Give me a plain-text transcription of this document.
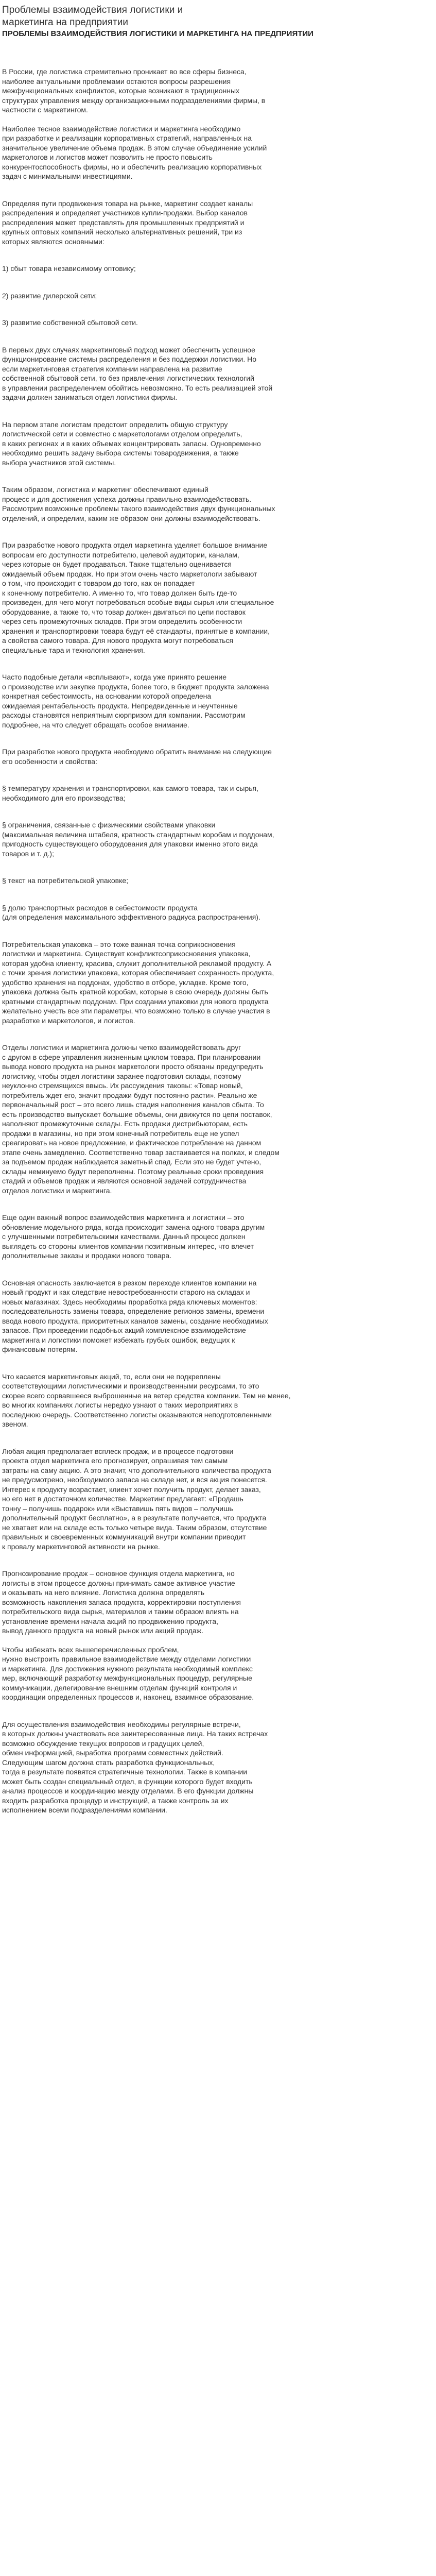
Проблемы взаимодействия логистики и маркетинга на предприятии
ПРОБЛЕМЫ ВЗАИМОДЕЙСТВИЯ ЛОГИСТИКИ И МАРКЕТИНГА НА ПРЕДПРИЯТИИ

В России, где логистика стремительно проникает во все сферы бизнеса,
наиболее актуальными проблемами остаются вопросы разрешения
межфункциональных конфликтов, которые возникают в традиционных
структурах управления между организационными подразделениями фирмы, в
частности с маркетингом.

Наиболее тесное взаимодействие логистики и маркетинга необходимо
при разработке и реализации корпоративных стратегий, направленных на
значительное увеличение объема продаж. В этом случае объединение усилий
маркетологов и логистов может позволить не просто повысить
конкурентоспособность фирмы, но и обеспечить реализацию корпоративных
задач с минимальными инвестициями.

Определяя пути продвижения товара на рынке, маркетинг создает каналы
распределения и определяет участников купли-продажи. Выбор каналов
распределения может представлять для промышленных предприятий и
крупных оптовых компаний несколько альтернативных решений, три из
которых являются основными:

1) сбыт товара независимому оптовику;

2) развитие дилерской сети;

3) развитие собственной сбытовой сети.

В первых двух случаях маркетинговый подход может обеспечить успешное
функционирование системы распределения и без поддержки логистики. Но
если маркетинговая стратегия компании направлена на развитие
собственной сбытовой сети, то без привлечения логистических технологий
в управлении распределением обойтись невозможно. То есть реализацией этой
задачи должен заниматься отдел логистики фирмы.

На первом этапе логистам предстоит определить общую структуру
логистической сети и совместно с маркетологами отделом определить,
в каких регионах и в каких объемах концентрировать запасы. Одновременно
необходимо решить задачу выбора системы товародвижения, а также
выбора участников этой системы.

Таким образом, логистика и маркетинг обеспечивают единый
процесс и для достижения успеха должны правильно взаимодействовать.
Рассмотрим возможные проблемы такого взаимодействия двух функциональных
отделений, и определим, каким же образом они должны взаимодействовать.

При разработке нового продукта отдел маркетинга уделяет большое внимание
вопросам его доступности потребителю, целевой аудитории, каналам,
через которые он будет продаваться. Также тщательно оценивается
ожидаемый объем продаж. Но при этом очень часто маркетологи забывают
о том, что происходит с товаром до того, как он попадает
к конечному потребителю. А именно то, что товар должен быть где-то
произведен, для чего могут потребоваться особые виды сырья или специальное
оборудование, а также то, что товар должен двигаться по цепи поставок
через сеть промежуточных складов. При этом определить особенности
хранения и транспортировки товара будут её стандарты, принятые в компании,
а свойства самого товара. Для нового продукта могут потребоваться
специальные тара и технология хранения.

Часто подобные детали «всплывают», когда уже принято решение
о производстве или закупке продукта, более того, в бюджет продукта заложена
конкретная себестоимость, на основании которой определена
ожидаемая рентабельность продукта. Непредвиденные и неучтенные
расходы становятся неприятным сюрпризом для компании. Рассмотрим
подробнее, на что следует обращать особое внимание.

При разработке нового продукта необходимо обратить внимание на следующие
его особенности и свойства:

§ температуру хранения и транспортировки, как самого товара, так и сырья,
необходимого для его производства;

§ ограничения, связанные с физическими свойствами упаковки
(максимальная величина штабеля, кратность стандартным коробам и поддонам,
пригодность существующего оборудования для упаковки именно этого вида
товаров и т. д.);

§ текст на потребительской упаковке;

§ долю транспортных расходов в себестоимости продукта
(для определения максимального эффективного радиуса распространения).

Потребительская упаковка – это тоже важная точка соприкосновения
логистики и маркетинга. Существует конфликтсоприкосновения упаковка,
которая удобна клиенту, красива, служит дополнительной рекламой продукту. А
с точки зрения логистики упаковка, которая обеспечивает сохранность продукта,
удобство хранения на поддонах, удобство в отборе, укладке. Кроме того,
упаковка должна быть кратной коробам, которые в свою очередь должны быть
кратными стандартным поддонам. При создании упаковки для нового продукта
желательно учесть все эти параметры, что возможно только в случае участия в
разработке и маркетологов, и логистов.

Отделы логистики и маркетинга должны четко взаимодействовать друг
с другом в сфере управления жизненным циклом товара. При планировании
вывода нового продукта на рынок маркетологи просто обязаны предупредить
логистику, чтобы отдел логистики заранее подготовил склады, поэтому
неуклонно стремящихся ввысь. Их рассуждения таковы: «Товар новый,
потребитель ждет его, значит продажи будут постоянно расти». Реально же
первоначальный рост – это всего лишь стадия наполнения каналов сбыта. То
есть производство выпускает большие объемы, они движутся по цепи поставок,
наполняют промежуточные склады. Есть продажи дистрибьюторам, есть
продажи в магазины, но при этом конечный потребитель еще не успел
среагировать на новое предложение, и фактическое потребление на данном
этапе очень замедленно. Соответственно товар застаивается на полках, и следом
за подъемом продаж наблюдается заметный спад. Если это не будет учтено,
склады неминуемо будут переполнены. Поэтому реальные сроки проведения
стадий и объемов продаж и являются основной задачей сотрудничества
отделов логистики и маркетинга.

Еще один важный вопрос взаимодействия маркетинга и логистики – это
обновление модельного ряда, когда происходит замена одного товара другим
с улучшенными потребительскими качествами. Данный процесс должен
выглядеть со стороны клиентов компании позитивным интерес, что влечет
дополнительные заказы и продажи нового товара.

Основная опасность заключается в резком переходе клиентов компании на
новый продукт и как следствие невостребованности старого на складах и
новых магазинах. Здесь необходимы проработка ряда ключевых моментов:
последовательность замены товара, определение регионов замены, времени
ввода нового продукта, приоритетных каналов замены, создание необходимых
запасов. При проведении подобных акций комплексное взаимодействие
маркетинга и логистики поможет избежать грубых ошибок, ведущих к
финансовым потерям.

Что касается маркетинговых акций, то, если они не подкреплены
соответствующими логистическими и производственными ресурсами, то это
скорее всего сорвавшееся выброшенные на ветер средства компании. Тем не менее,
во многих компаниях логисты нередко узнают о таких мероприятиях в
последнюю очередь. Соответственно логисты оказываются неподготовленными
звеном.

Любая акция предполагает всплеск продаж, и в процессе подготовки
проекта отдел маркетинга его прогнозирует, опрашивая тем самым
затраты на саму акцию. А это значит, что дополнительного количества продукта
не предусмотрено, необходимого запаса на складе нет, и вся акция понесется.
Интерес к продукту возрастает, клиент хочет получить продукт, делает заказ,
но его нет в достаточном количестве. Маркетинг предлагает: «Продашь
тонну – получишь подарок» или «Выставишь пять видов – получишь
дополнительный продукт бесплатно», а в результате получается, что продукта
не хватает или на складе есть только четыре вида. Таким образом, отсутствие
правильных и своевременных коммуникаций внутри компании приводит
к провалу маркетинговой активности на рынке.

Прогнозирование продаж – основное функция отдела маркетинга, но
логисты в этом процессе должны принимать самое активное участие
и оказывать на него влияние. Логистика должна определять
возможность накопления запаса продукта, корректировки поступления
потребительского вида сырья, материалов и таким образом влиять на
установление времени начала акций по продвижению продукта,
вывод данного продукта на новый рынок или акций продаж.

Чтобы избежать всех вышеперечисленных проблем,
нужно выстроить правильное взаимодействие между отделами логистики
и маркетинга. Для достижения нужного результата необходимый комплекс
мер, включающий разработку межфункциональных процедур, регулярные
коммуникации, делегирование внешним отделам функций контроля и
координации определенных процессов и, наконец, взаимное образование.

Для осуществления взаимодействия необходимы регулярные встречи,
в которых должны участвовать все заинтересованные лица. На таких встречах
возможно обсуждение текущих вопросов и градущих целей,
обмен информацией, выработка программ совместных действий.
Следующим шагом должна стать разработка функциональных,
тогда в результате появятся стратегичные технологии. Также в компании
может быть создан специальный отдел, в функции которого будет входить
анализ процессов и координацию между отделами. В его функции должны
входить разработка процедур и инструкций, а также контроль за их
исполнением всеми подразделениями компании.
